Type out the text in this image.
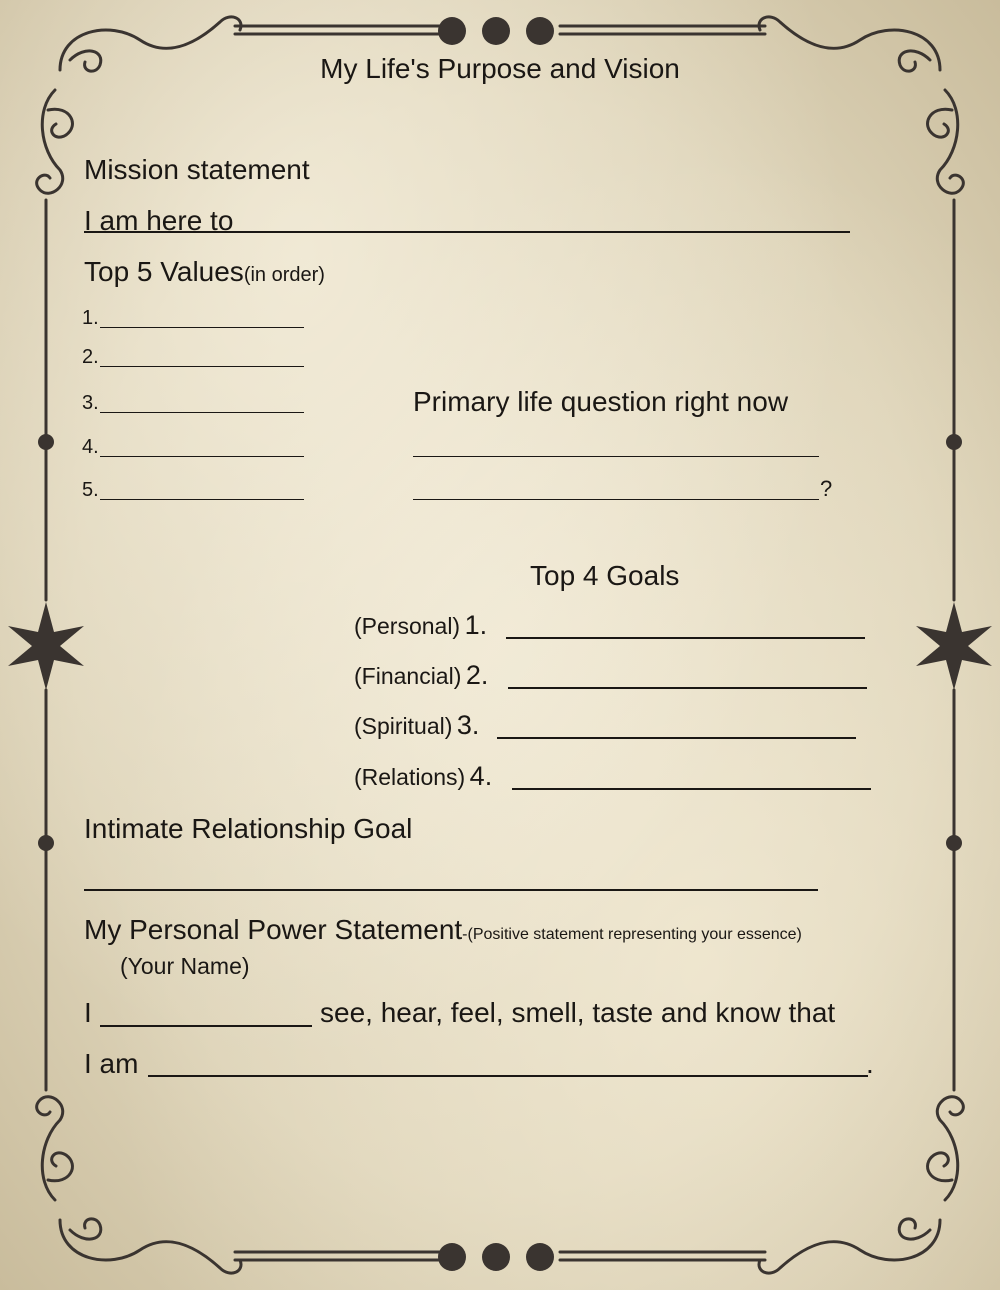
My Life's Purpose and Vision
Mission statement
I am here to
Top 5 Values(in order)
1.
2.
3.
4.
5.
Primary life question right now
?
Top 4 Goals
(Personal) 1.
(Financial) 2.
(Spiritual) 3.
(Relations) 4.
Intimate Relationship Goal
My Personal Power Statement-(Positive statement representing your essence)
(Your Name)
I	see, hear, feel, smell, taste and know that
I am	.
